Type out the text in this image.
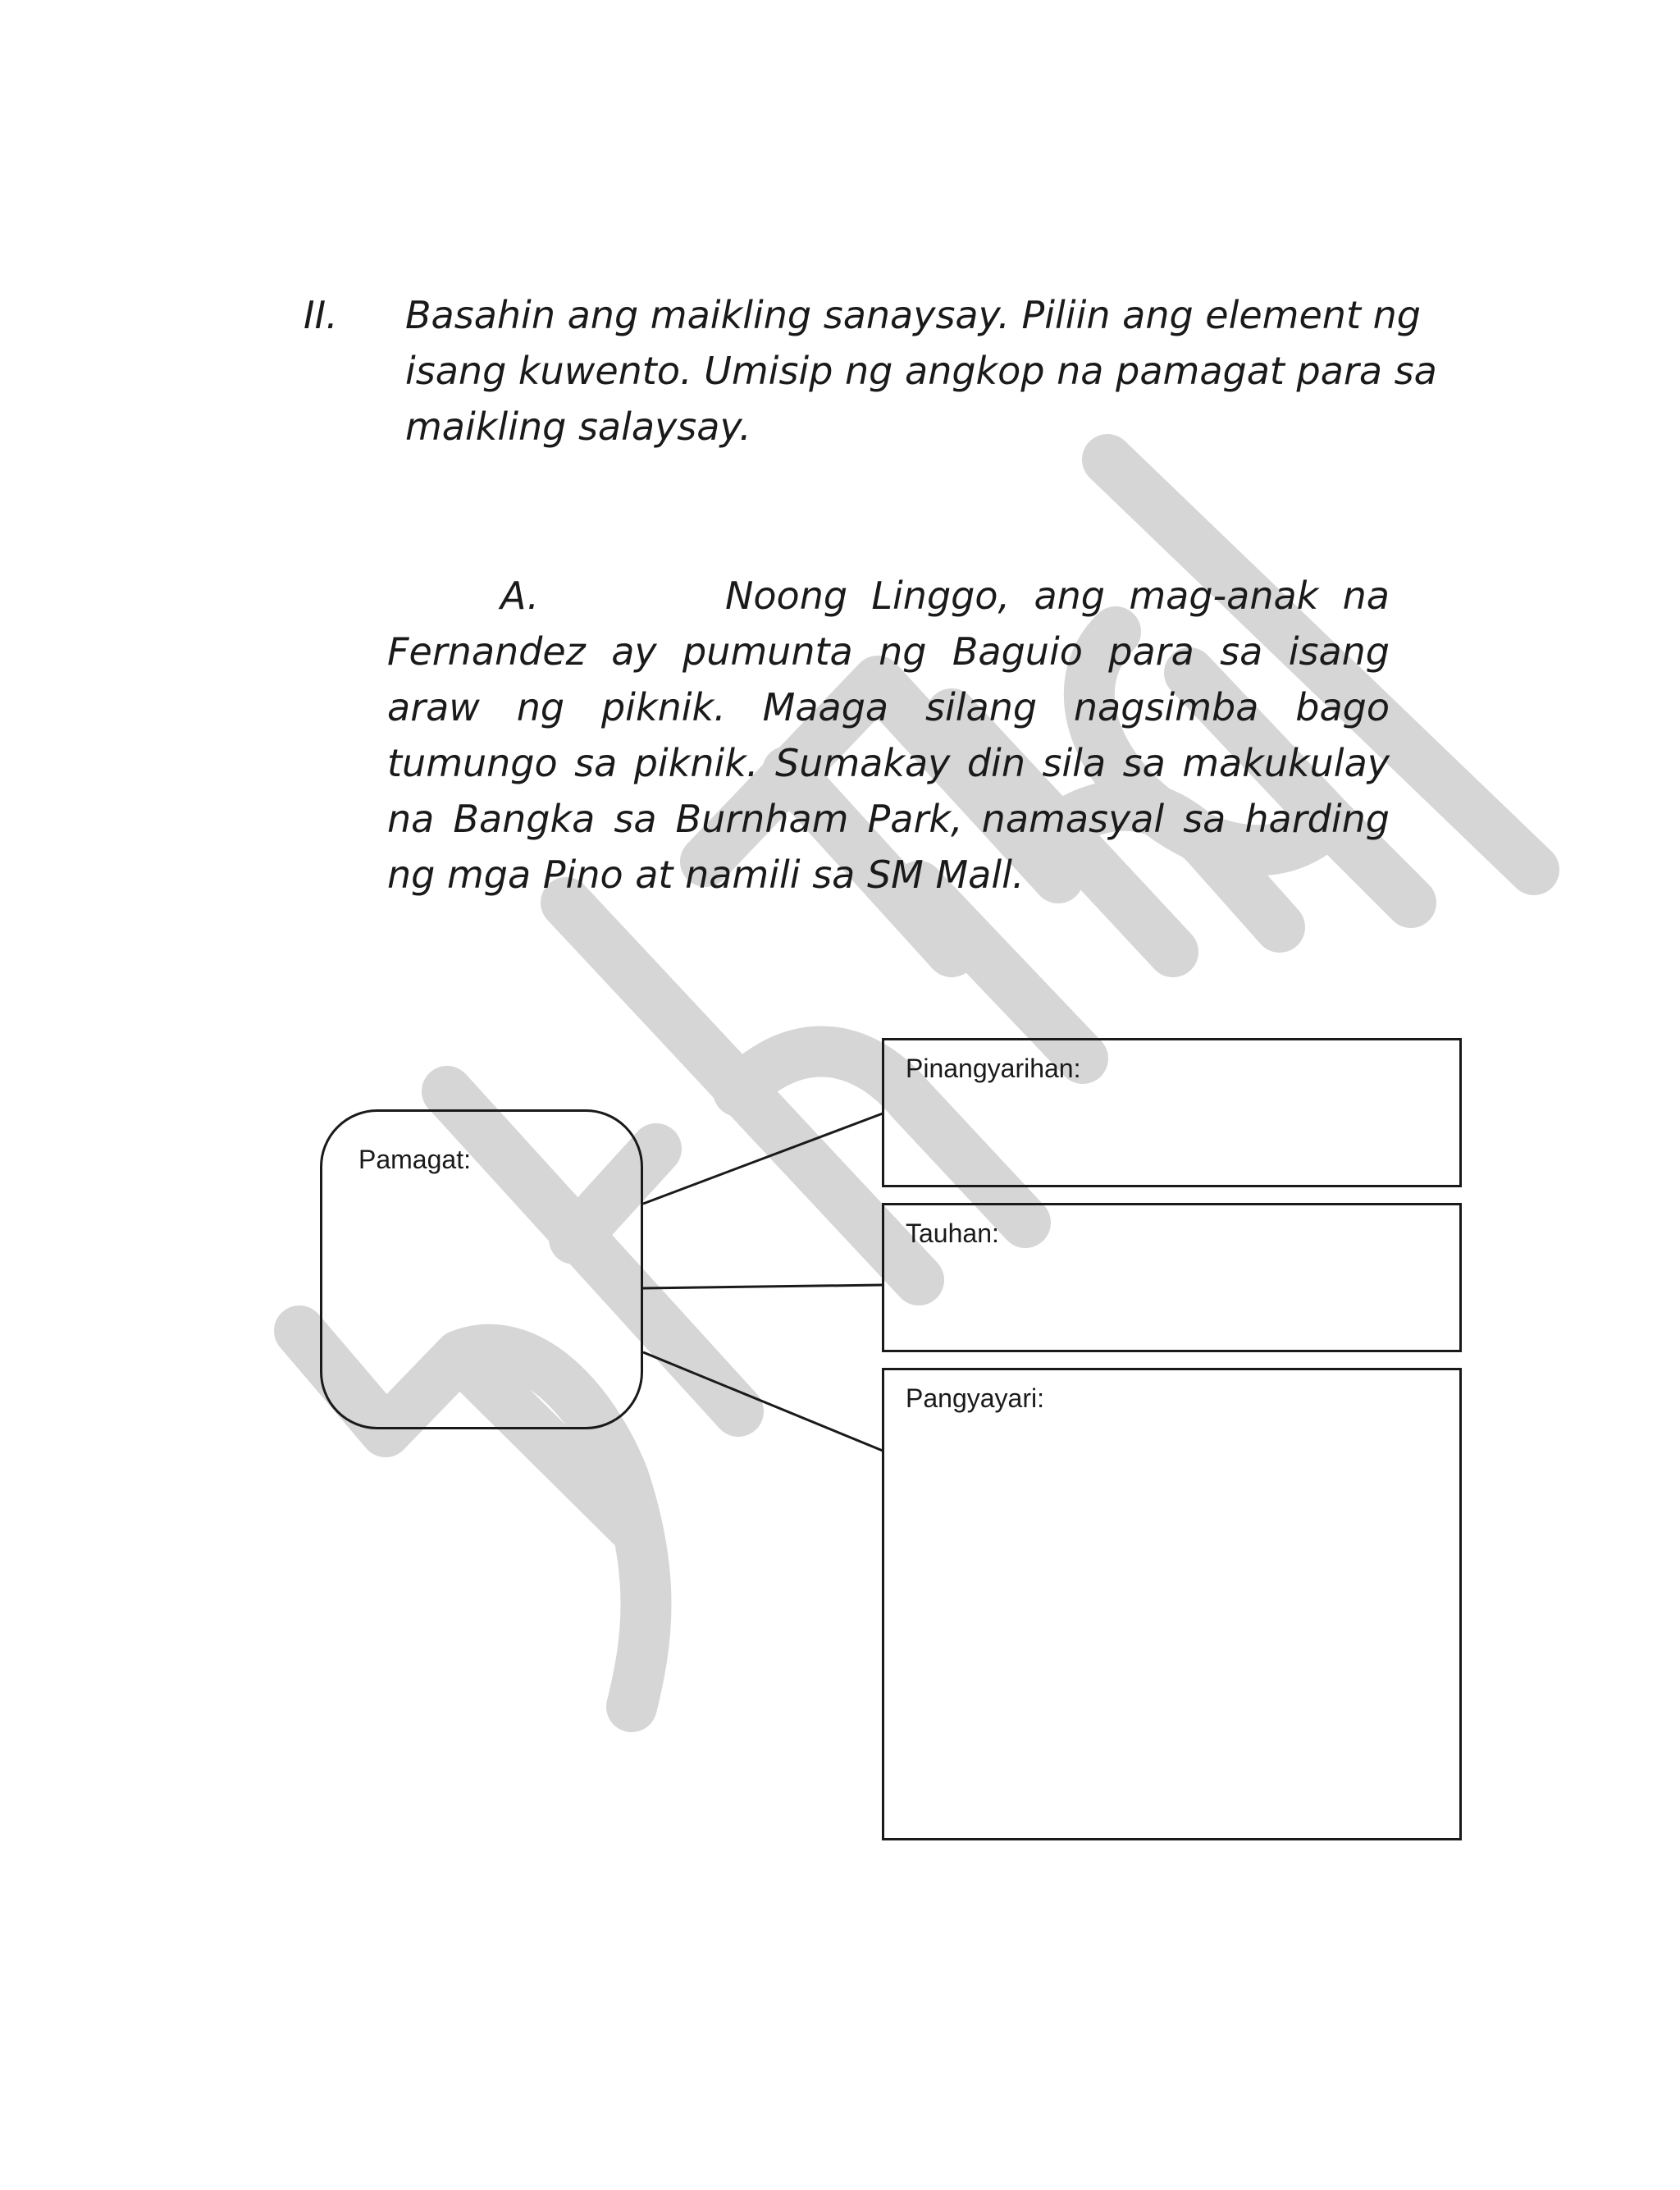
II. Basahin ang maikling sanaysay. Piliin ang element ng isang kuwento. Umisip ng angkop na pamagat para sa maikling salaysay.

A.	Noong Linggo, ang mag-anak na Fernandez ay pumunta ng Baguio para sa isang araw ng piknik. Maaga silang nagsimba bago tumungo sa piknik. Sumakay din sila sa makukulay na Bangka sa Burnham Park, namasyal sa harding ng mga Pino at namili sa SM Mall.

Pamagat:
Pinangyarihan:
Tauhan:
Pangyayari:
